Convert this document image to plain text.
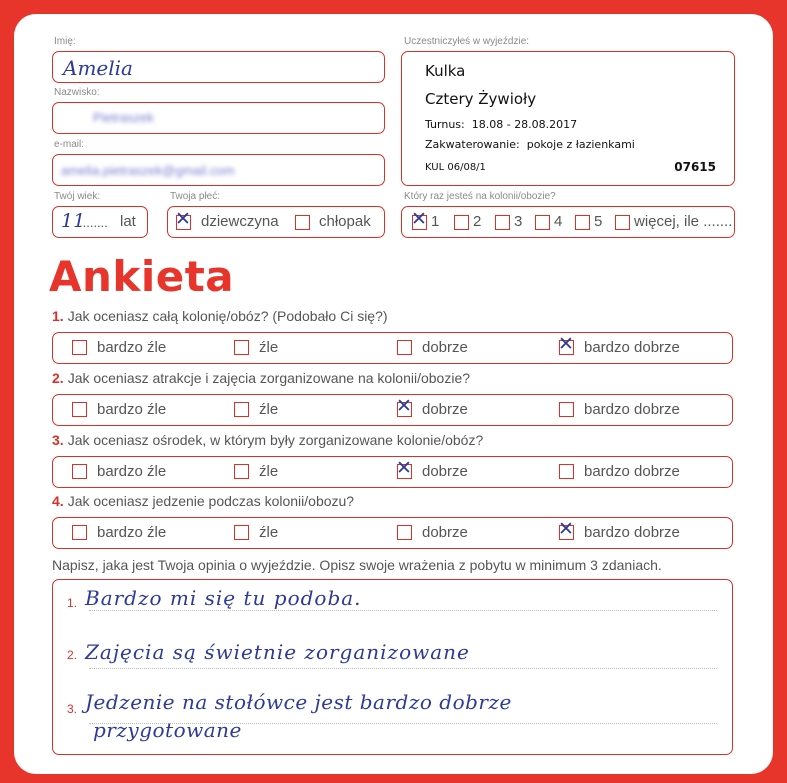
Imię:
Amelia
Nazwisko:
Pietraszek
e-mail:
amelia.pietraszek@gmail.com
Twój wiek:
11
........ lat
Twoja płeć:
✕ dziewczyna	chłopak
Uczestniczyłeś w wyjeździe:
Kulka
Cztery Żywioły
Turnus: 18.08 - 28.08.2017
Zakwaterowanie: pokoje z łazienkami
KUL 06/08/1	07615
Który raz jesteś na kolonii/obozie?
✕ 1 2 3 4 5 więcej, ile .......
Ankieta
1. Jak oceniasz całą kolonię/obóz? (Podobało Ci się?)
bardzo źle	źle	dobrze	✕ bardzo dobrze
2. Jak oceniasz atrakcje i zajęcia zorganizowane na kolonii/obozie?
bardzo źle	źle	✕ dobrze	bardzo dobrze
3. Jak oceniasz ośrodek, w którym były zorganizowane kolonie/obóz?
bardzo źle	źle	✕ dobrze	bardzo dobrze
4. Jak oceniasz jedzenie podczas kolonii/obozu?
bardzo źle	źle	dobrze	✕ bardzo dobrze
Napisz, jaka jest Twoja opinia o wyjeździe. Opisz swoje wrażenia z pobytu w minimum 3 zdaniach.
1.
2.
3.
Bardzo mi się tu podoba.
Zajęcia są świetnie zorganizowane
Jedzenie na stołówce jest bardzo dobrze
przygotowane
